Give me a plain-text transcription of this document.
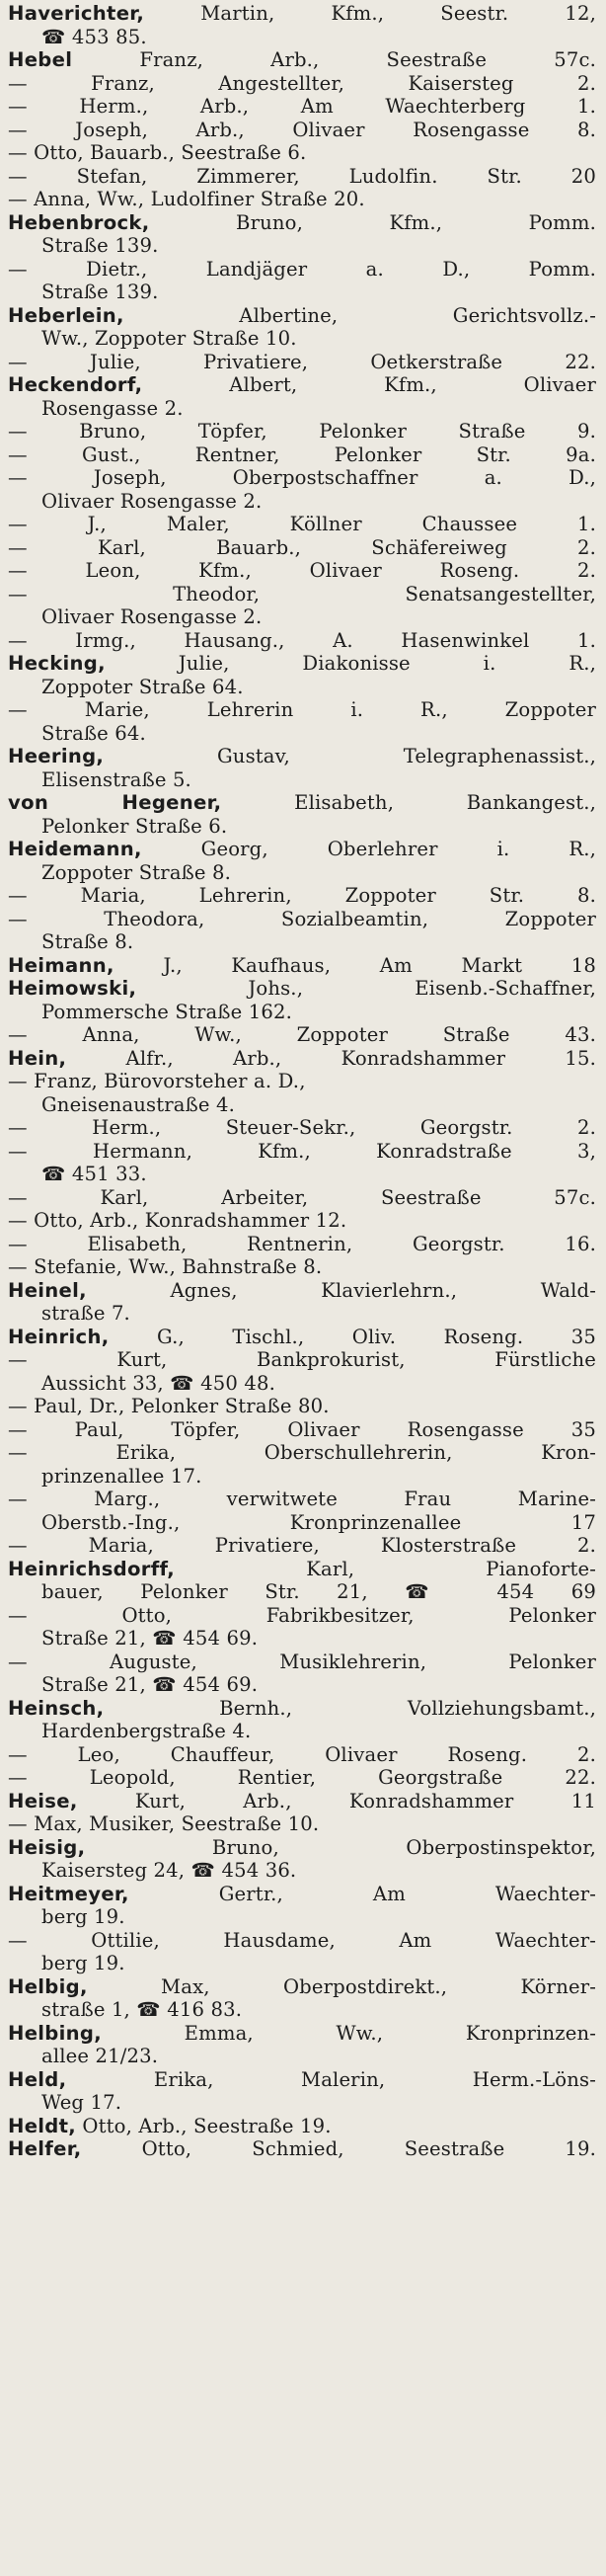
Haverichter, Martin, Kfm., Seestr. 12,
☎ 453 85.
Hebel Franz, Arb., Seestraße 57c.
— Franz, Angestellter, Kaisersteg 2.
— Herm., Arb., Am Waechterberg 1.
— Joseph, Arb., Olivaer Rosengasse 8.
— Otto, Bauarb., Seestraße 6.
— Stefan, Zimmerer, Ludolfin. Str. 20
— Anna, Ww., Ludolfiner Straße 20.
Hebenbrock, Bruno, Kfm., Pomm.
Straße 139.
— Dietr., Landjäger a. D., Pomm.
Straße 139.
Heberlein, Albertine, Gerichtsvollz.-
Ww., Zoppoter Straße 10.
— Julie, Privatiere, Oetkerstraße 22.
Heckendorf, Albert, Kfm., Olivaer
Rosengasse 2.
— Bruno, Töpfer, Pelonker Straße 9.
— Gust., Rentner, Pelonker Str. 9a.
— Joseph, Oberpostschaffner a. D.,
Olivaer Rosengasse 2.
— J., Maler, Köllner Chaussee 1.
— Karl, Bauarb., Schäfereiweg 2.
— Leon, Kfm., Olivaer Roseng. 2.
— Theodor, Senatsangestellter,
Olivaer Rosengasse 2.
— Irmg., Hausang., A. Hasenwinkel 1.
Hecking, Julie, Diakonisse i. R.,
Zoppoter Straße 64.
— Marie, Lehrerin i. R., Zoppoter
Straße 64.
Heering, Gustav, Telegraphenassist.,
Elisenstraße 5.
von Hegener, Elisabeth, Bankangest.,
Pelonker Straße 6.
Heidemann, Georg, Oberlehrer i. R.,
Zoppoter Straße 8.
— Maria, Lehrerin, Zoppoter Str. 8.
— Theodora, Sozialbeamtin, Zoppoter
Straße 8.
Heimann, J., Kaufhaus, Am Markt 18
Heimowski, Johs., Eisenb.-Schaffner,
Pommersche Straße 162.
— Anna, Ww., Zoppoter Straße 43.
Hein, Alfr., Arb., Konradshammer 15.
— Franz, Bürovorsteher a. D.,
Gneisenaustraße 4.
— Herm., Steuer-Sekr., Georgstr. 2.
— Hermann, Kfm., Konradstraße 3,
☎ 451 33.
— Karl, Arbeiter, Seestraße 57c.
— Otto, Arb., Konradshammer 12.
— Elisabeth, Rentnerin, Georgstr. 16.
— Stefanie, Ww., Bahnstraße 8.
Heinel, Agnes, Klavierlehrn., Wald-
straße 7.
Heinrich, G., Tischl., Oliv. Roseng. 35
— Kurt, Bankprokurist, Fürstliche
Aussicht 33, ☎ 450 48.
— Paul, Dr., Pelonker Straße 80.
— Paul, Töpfer, Olivaer Rosengasse 35
— Erika, Oberschullehrerin, Kron-
prinzenallee 17.
— Marg., verwitwete Frau Marine-
Oberstb.-Ing., Kronprinzenallee 17
— Maria, Privatiere, Klosterstraße 2.
Heinrichsdorff, Karl, Pianoforte-
bauer, Pelonker Str. 21, ☎ 454 69
— Otto, Fabrikbesitzer, Pelonker
Straße 21, ☎ 454 69.
— Auguste, Musiklehrerin, Pelonker
Straße 21, ☎ 454 69.
Heinsch, Bernh., Vollziehungsbamt.,
Hardenbergstraße 4.
— Leo, Chauffeur, Olivaer Roseng. 2.
— Leopold, Rentier, Georgstraße 22.
Heise, Kurt, Arb., Konradshammer 11
— Max, Musiker, Seestraße 10.
Heisig, Bruno, Oberpostinspektor,
Kaisersteg 24, ☎ 454 36.
Heitmeyer, Gertr., Am Waechter-
berg 19.
— Ottilie, Hausdame, Am Waechter-
berg 19.
Helbig, Max, Oberpostdirekt., Körner-
straße 1, ☎ 416 83.
Helbing, Emma, Ww., Kronprinzen-
allee 21/23.
Held, Erika, Malerin, Herm.-Löns-
Weg 17.
Heldt, Otto, Arb., Seestraße 19.
Helfer, Otto, Schmied, Seestraße 19.
